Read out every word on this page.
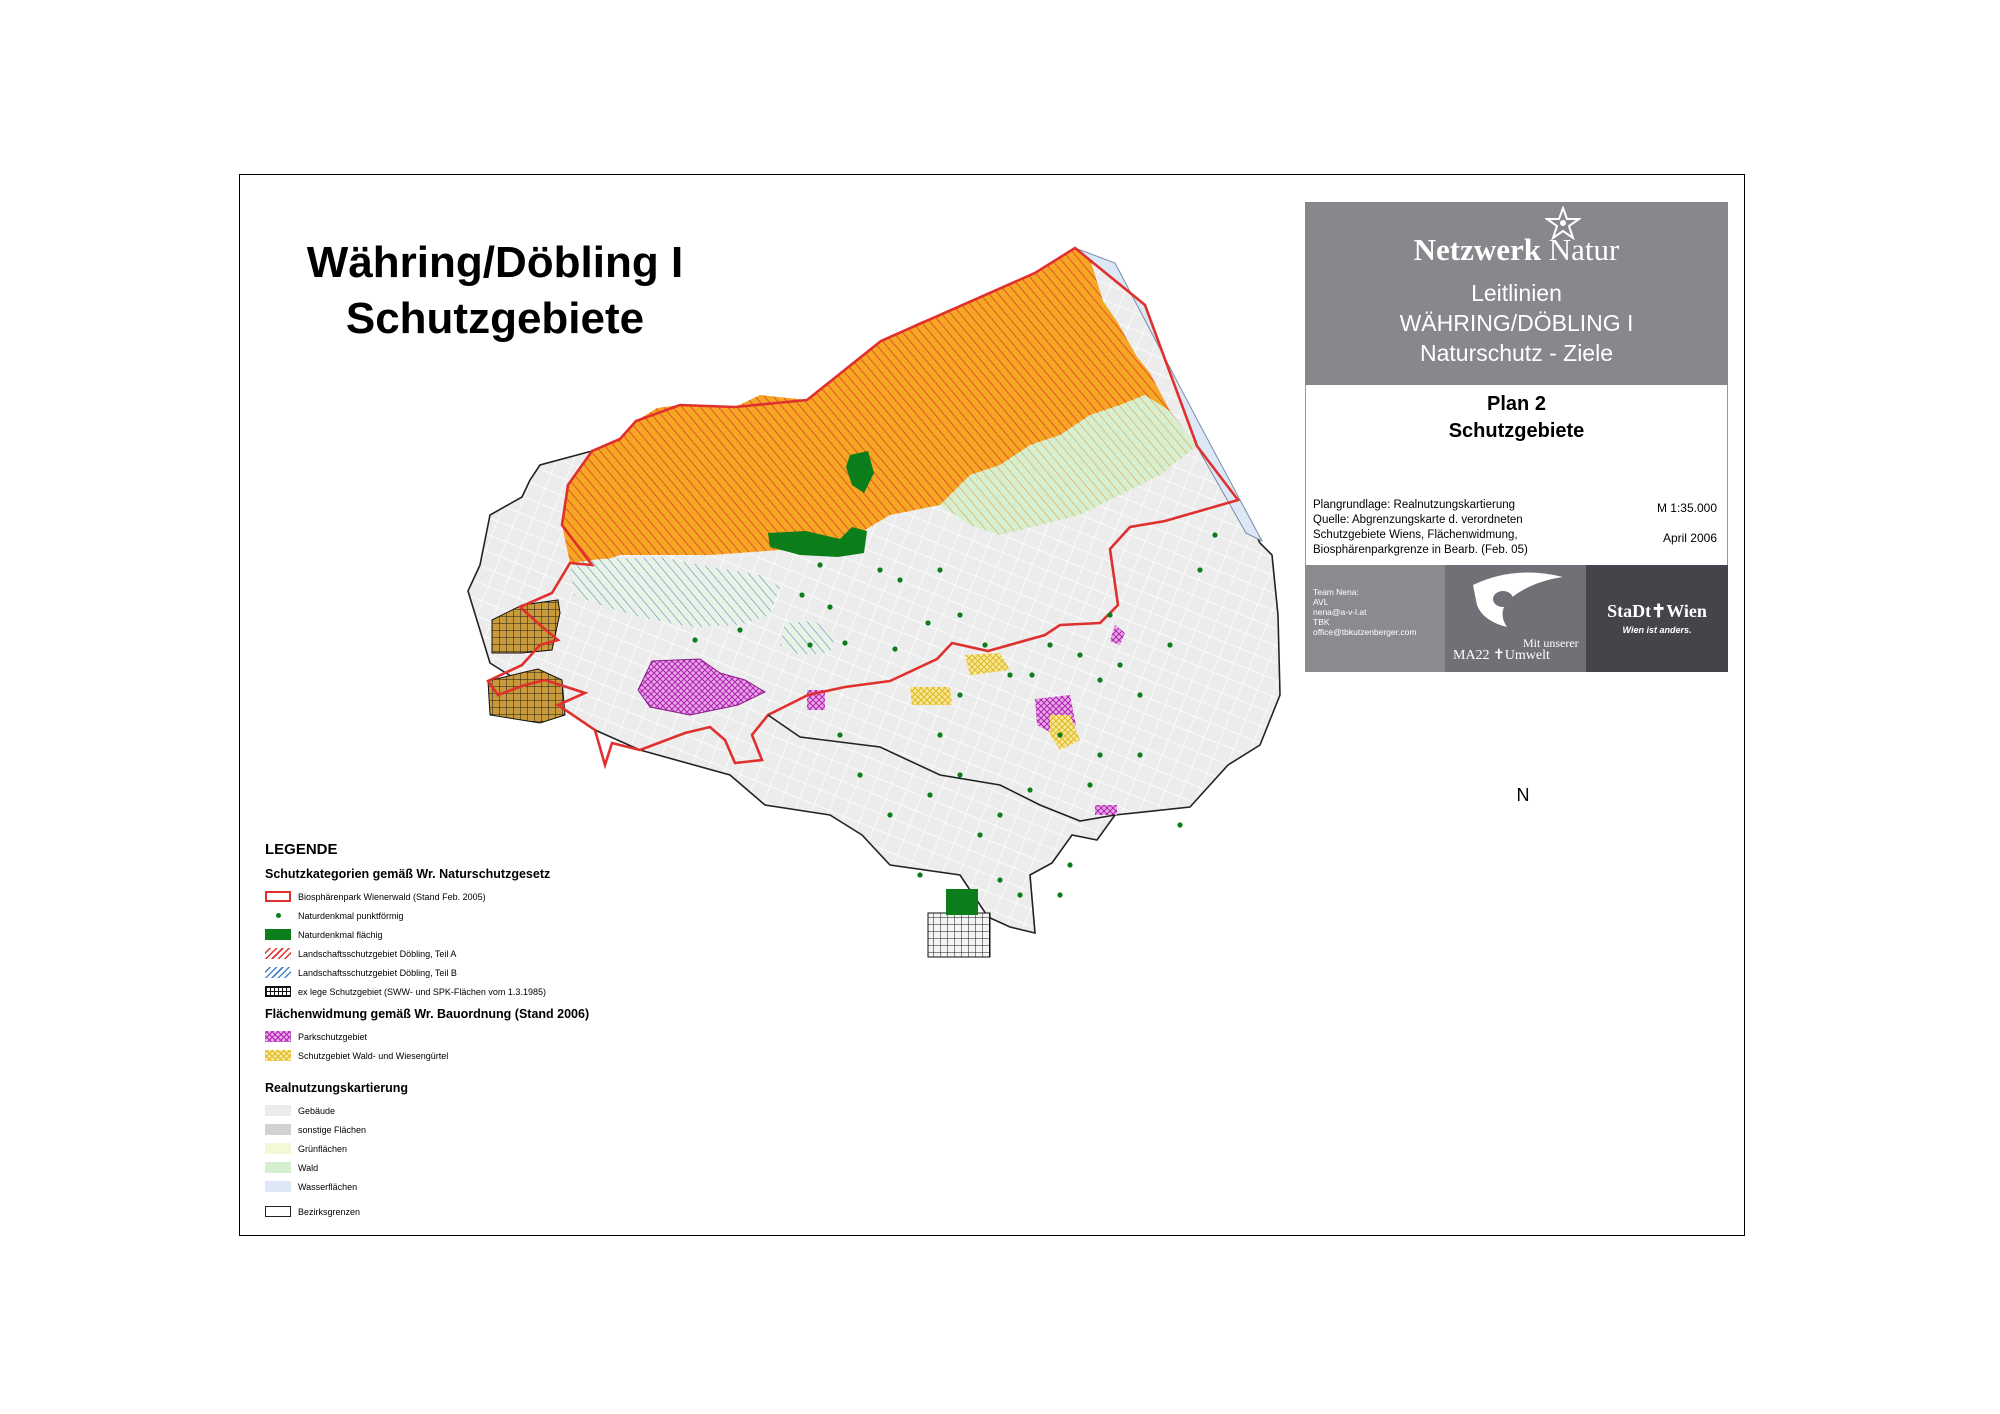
Währing/Döbling I
Schutzgebiete
N
Netzwerk Natur
Leitlinien
WÄHRING/DÖBLING I
Naturschutz - Ziele
Plan 2
Schutzgebiete
Plangrundlage: Realnutzungskartierung
Quelle: Abgrenzungskarte d. verordneten
Schutzgebiete Wiens, Flächenwidmung,
Biosphärenparkgrenze in Bearb. (Feb. 05)
M 1:35.000
April 2006
Team Nena:
AVL
nena@a-v-l.at
TBK
office@tbkutzenberger.com
Mit unserer
MA22 ✝Umwelt
StaDt✝Wien
Wien ist anders.
LEGENDE
Schutzkategorien gemäß Wr. Naturschutzgesetz
Biosphärenpark Wienerwald (Stand Feb. 2005)
Naturdenkmal punktförmig
Naturdenkmal flächig
Landschaftsschutzgebiet Döbling, Teil A
Landschaftsschutzgebiet Döbling, Teil B
ex lege Schutzgebiet (SWW- und SPK-Flächen vom 1.3.1985)
Flächenwidmung gemäß Wr. Bauordnung (Stand 2006)
Parkschutzgebiet
Schutzgebiet Wald- und Wiesengürtel
Realnutzungskartierung
Gebäude
sonstige Flächen
Grünflächen
Wald
Wasserflächen
Bezirksgrenzen
